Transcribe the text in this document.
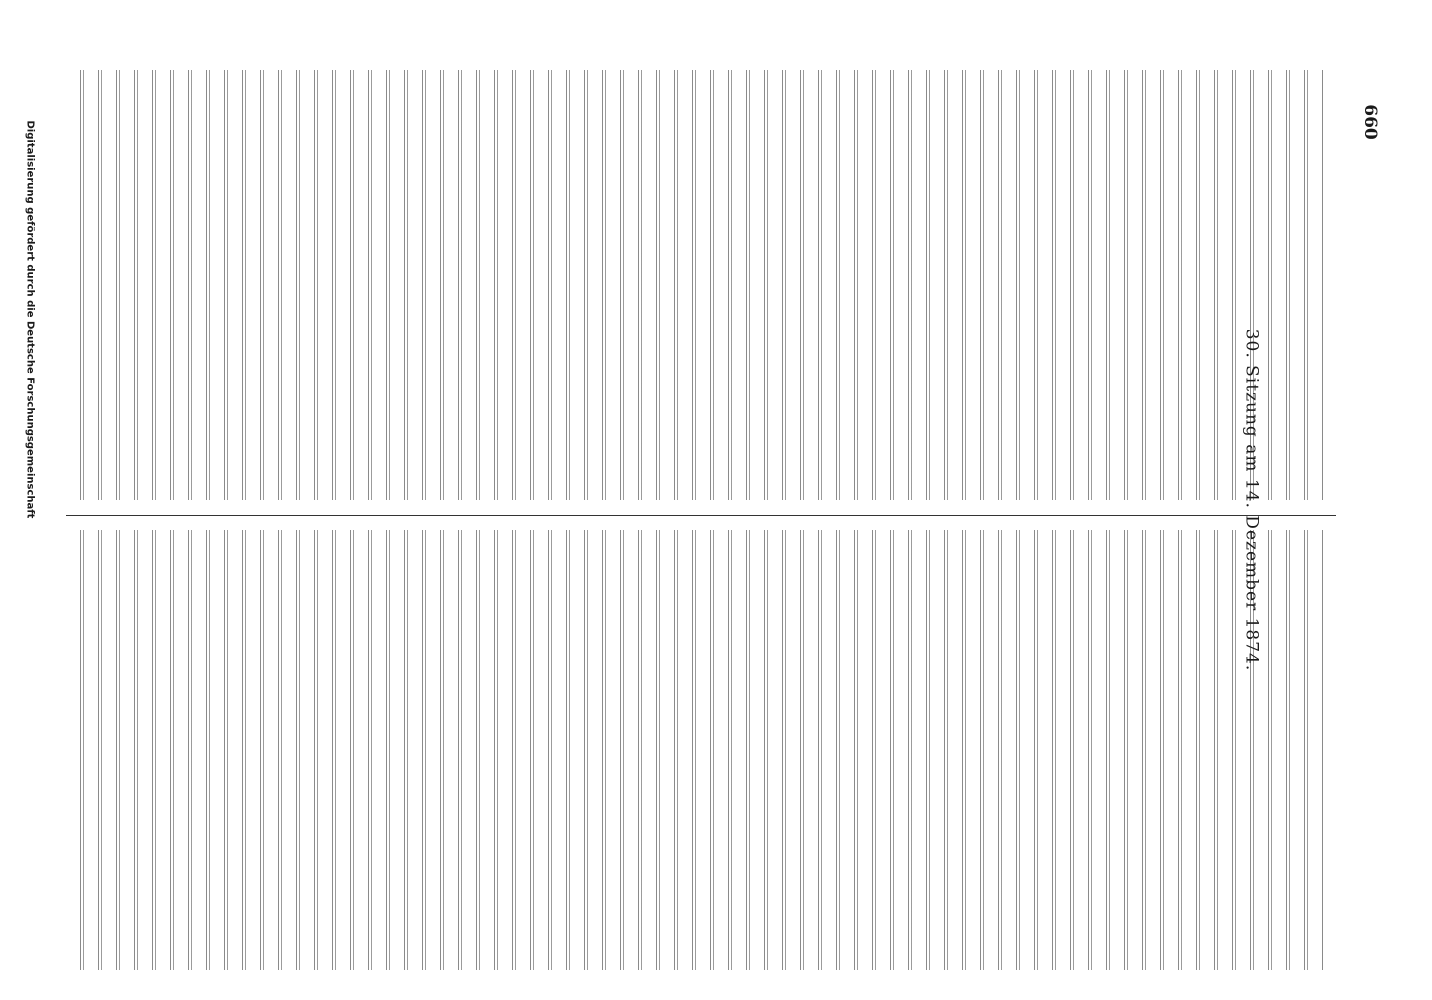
660
30. Sitzung am 14. Dezember 1874.
Digitalisierung gefördert durch die Deutsche Forschungsgemeinschaft
